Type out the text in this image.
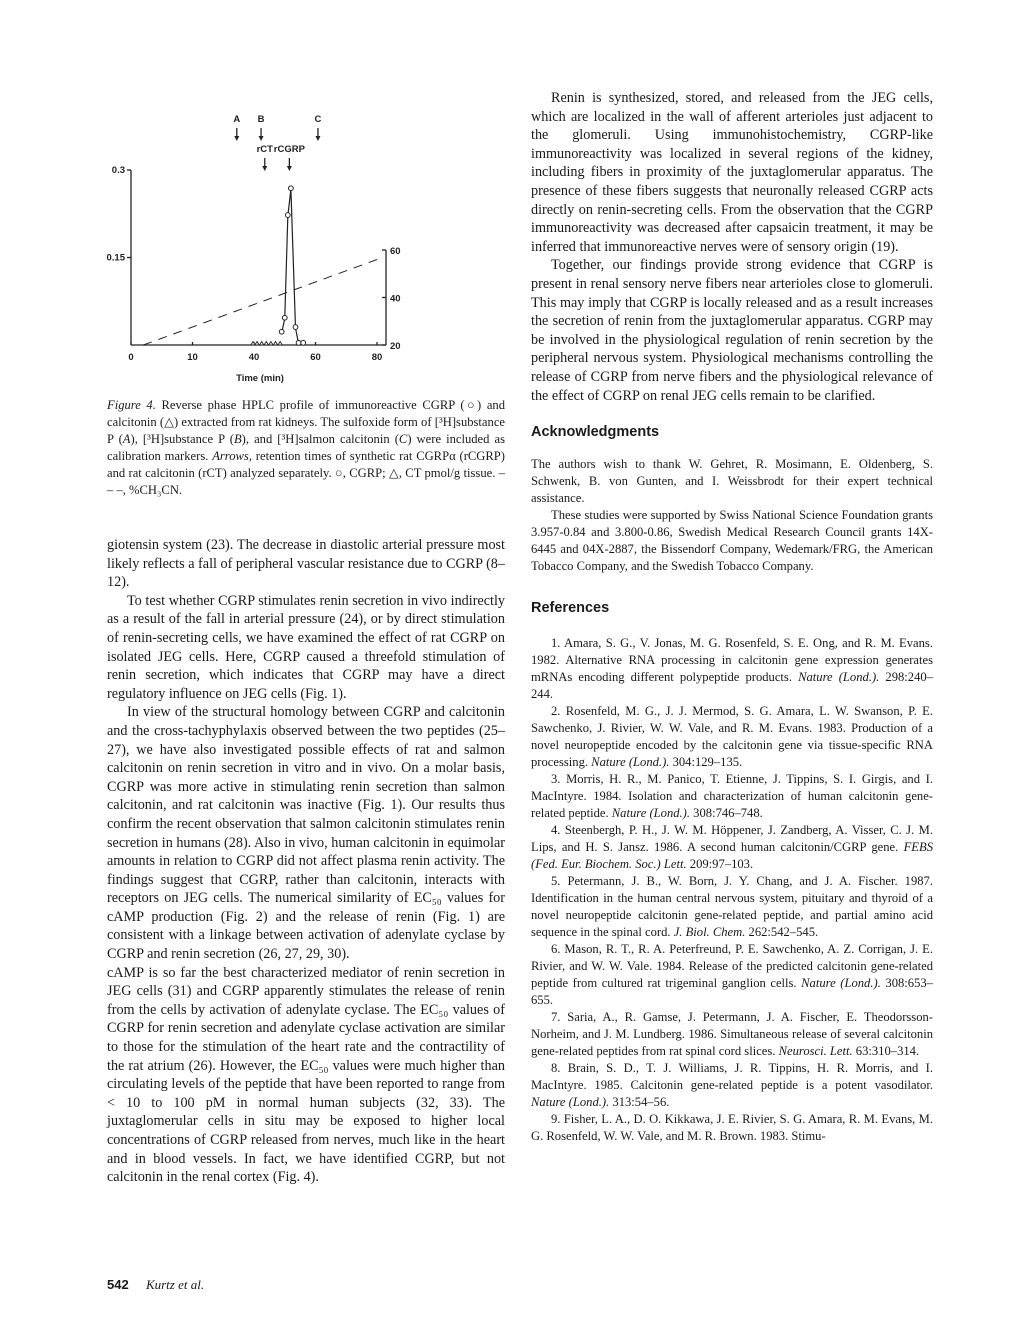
0	10	40	60	80
0.3
0.15
60
40
20
A B	C
rCT rCGRP
Time (min)
Figure 4. Reverse phase HPLC profile of immunoreactive CGRP (○) and calcitonin (△) extracted from rat kidneys. The sulfoxide form of [³H]substance P (A), [³H]substance P (B), and [³H]salmon calcitonin (C) were included as calibration markers. Arrows, retention times of synthetic rat CGRPα (rCGRP) and rat calcitonin (rCT) analyzed separately. ○, CGRP; △, CT pmol/g tissue. – – –, %CH₃CN.

giotensin system (23). The decrease in diastolic arterial pressure most likely reflects a fall of peripheral vascular resistance due to CGRP (8–12).

To test whether CGRP stimulates renin secretion in vivo indirectly as a result of the fall in arterial pressure (24), or by direct stimulation of renin-secreting cells, we have examined the effect of rat CGRP on isolated JEG cells. Here, CGRP caused a threefold stimulation of renin secretion, which indicates that CGRP may have a direct regulatory influence on JEG cells (Fig. 1).

In view of the structural homology between CGRP and calcitonin and the cross-tachyphylaxis observed between the two peptides (25–27), we have also investigated possible effects of rat and salmon calcitonin on renin secretion in vitro and in vivo. On a molar basis, CGRP was more active in stimulating renin secretion than salmon calcitonin, and rat calcitonin was inactive (Fig. 1). Our results thus confirm the recent observation that salmon calcitonin stimulates renin secretion in humans (28). Also in vivo, human calcitonin in equimolar amounts in relation to CGRP did not affect plasma renin activity. The findings suggest that CGRP, rather than calcitonin, interacts with receptors on JEG cells. The numerical similarity of EC₅₀ values for cAMP production (Fig. 2) and the release of renin (Fig. 1) are consistent with a linkage between activation of adenylate cyclase by CGRP and renin secretion (26, 27, 29, 30).

cAMP is so far the best characterized mediator of renin secretion in JEG cells (31) and CGRP apparently stimulates the release of renin from the cells by activation of adenylate cyclase. The EC₅₀ values of CGRP for renin secretion and adenylate cyclase activation are similar to those for the stimulation of the heart rate and the contractility of the rat atrium (26). However, the EC₅₀ values were much higher than circulating levels of the peptide that have been reported to range from < 10 to 100 pM in normal human subjects (32, 33). The juxtaglomerular cells in situ may be exposed to higher local concentrations of CGRP released from nerves, much like in the heart and in blood vessels. In fact, we have identified CGRP, but not calcitonin in the renal cortex (Fig. 4).

Renin is synthesized, stored, and released from the JEG cells, which are localized in the wall of afferent arterioles just adjacent to the glomeruli. Using immunohistochemistry, CGRP-like immunoreactivity was localized in several regions of the kidney, including fibers in proximity of the juxtaglomerular apparatus. The presence of these fibers suggests that neuronally released CGRP acts directly on renin-secreting cells. From the observation that the CGRP immunoreactivity was decreased after capsaicin treatment, it may be inferred that immunoreactive nerves were of sensory origin (19).

Together, our findings provide strong evidence that CGRP is present in renal sensory nerve fibers near arterioles close to glomeruli. This may imply that CGRP is locally released and as a result increases the secretion of renin from the juxtaglomerular apparatus. CGRP may be involved in the physiological regulation of renin secretion by the peripheral nervous system. Physiological mechanisms controlling the release of CGRP from nerve fibers and the physiological relevance of the effect of CGRP on renal JEG cells remain to be clarified.

Acknowledgments

The authors wish to thank W. Gehret, R. Mosimann, E. Oldenberg, S. Schwenk, B. von Gunten, and I. Weissbrodt for their expert technical assistance.

These studies were supported by Swiss National Science Foundation grants 3.957-0.84 and 3.800-0.86, Swedish Medical Research Council grants 14X-6445 and 04X-2887, the Bissendorf Company, Wedemark/FRG, the American Tobacco Company, and the Swedish Tobacco Company.

References

1. Amara, S. G., V. Jonas, M. G. Rosenfeld, S. E. Ong, and R. M. Evans. 1982. Alternative RNA processing in calcitonin gene expression generates mRNAs encoding different polypeptide products. Nature (Lond.). 298:240–244.

2. Rosenfeld, M. G., J. J. Mermod, S. G. Amara, L. W. Swanson, P. E. Sawchenko, J. Rivier, W. W. Vale, and R. M. Evans. 1983. Production of a novel neuropeptide encoded by the calcitonin gene via tissue-specific RNA processing. Nature (Lond.). 304:129–135.

3. Morris, H. R., M. Panico, T. Etienne, J. Tippins, S. I. Girgis, and I. MacIntyre. 1984. Isolation and characterization of human calcitonin gene-related peptide. Nature (Lond.). 308:746–748.

4. Steenbergh, P. H., J. W. M. Höppener, J. Zandberg, A. Visser, C. J. M. Lips, and H. S. Jansz. 1986. A second human calcitonin/CGRP gene. FEBS (Fed. Eur. Biochem. Soc.) Lett. 209:97–103.

5. Petermann, J. B., W. Born, J. Y. Chang, and J. A. Fischer. 1987. Identification in the human central nervous system, pituitary and thyroid of a novel neuropeptide calcitonin gene-related peptide, and partial amino acid sequence in the spinal cord. J. Biol. Chem. 262:542–545.

6. Mason, R. T., R. A. Peterfreund, P. E. Sawchenko, A. Z. Corrigan, J. E. Rivier, and W. W. Vale. 1984. Release of the predicted calcitonin gene-related peptide from cultured rat trigeminal ganglion cells. Nature (Lond.). 308:653–655.

7. Saria, A., R. Gamse, J. Petermann, J. A. Fischer, E. Theodorsson-Norheim, and J. M. Lundberg. 1986. Simultaneous release of several calcitonin gene-related peptides from rat spinal cord slices. Neurosci. Lett. 63:310–314.

8. Brain, S. D., T. J. Williams, J. R. Tippins, H. R. Morris, and I. MacIntyre. 1985. Calcitonin gene-related peptide is a potent vasodilator. Nature (Lond.). 313:54–56.

9. Fisher, L. A., D. O. Kikkawa, J. E. Rivier, S. G. Amara, R. M. Evans, M. G. Rosenfeld, W. W. Vale, and M. R. Brown. 1983. Stimu-

542 Kurtz et al.
